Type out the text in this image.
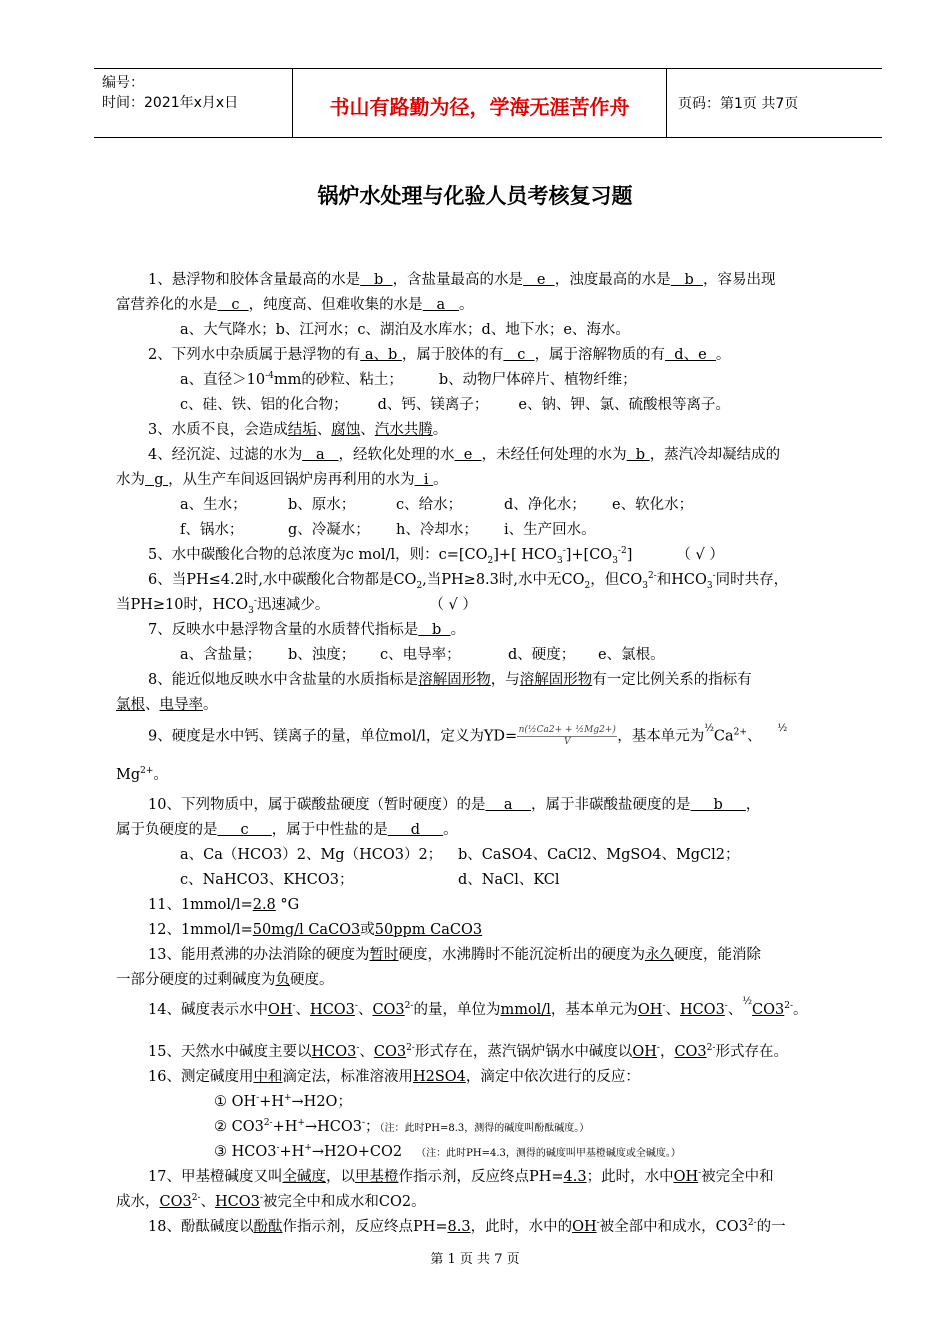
编号：
时间：2021年x月x日	书山有路勤为径，学海无涯苦作舟	页码：第1页 共7页
锅炉水处理与化验人员考核复习题
1、悬浮物和胶体含量最高的水是   b  ，含盐量最高的水是   e  ，浊度最高的水是   b  ，容易出现
富营养化的水是   c  ，纯度高、但难收集的水是   a   。
a、大气降水；b、江河水；c、湖泊及水库水；d、地下水；e、海水。
2、下列水中杂质属于悬浮物的有 a、b ，属于胶体的有   c  ，属于溶解物质的有  d、e  。
a、直径$>10^{-4}mm$的砂粒、粘土； b、动物尸体碎片、植物纤维；
c、硅、铁、铝的化合物； d、钙、镁离子； e、钠、钾、氯、硫酸根等离子。
3、水质不良，会造成结垢、腐蚀、汽水共腾。
4、经沉淀、过滤的水为   a   ，经软化处理的水  e  ，未经任何处理的水为  b ，蒸汽冷却凝结成的
水为  g ，从生产车间返回锅炉房再利用的水为  i 。
a、生水；	b、原水；	c、给水；	d、净化水； e、软化水；
f、锅水；	g、冷凝水； h、冷却水； i、生产回水。
5、水中碳酸化合物的总浓度为c mol/l，则：$c=[CO_2]+$[ $HCO_3^-]+[CO_3^{-2}]$	（ √ ）
6、当PH≤4.2时,水中碳酸化合物都是$CO_2$,当PH≥8.3时,水中无$CO_2$，但$CO_3^{2-}$和$HCO_3^-$同时共存，
当PH≥10时，$HCO_3^-$迅速减少。	（ √ ）
7、反映水中悬浮物含量的水质替代指标是   b  。
a、含盐量； b、浊度； c、电导率；	d、硬度； e、氯根。
8、能近似地反映水中含盐量的水质指标是溶解固形物，与溶解固形物有一定比例关系的指标有
氯根、电导率。
9、硬度是水中钙、镁离子的量，单位mol/l，定义为$YD=\frac{\text{n(½Ca2+ + ½Mg2+)}}{V}$ ，基本单元为$^{\frac{1}{2}}Ca^{2+}$、$^{\frac{1}{2}}$
$Mg^{2+}$。
10、下列物质中，属于碳酸盐硬度（暂时硬度）的是    a    ，属于非碳酸盐硬度的是     b     ，
属于负硬度的是     c     ，属于中性盐的是     d     。
a、Ca（HCO3）2、Mg（HCO3）2； b、CaSO4、CaCl2、MgSO4、MgCl2；
c、NaHCO3、KHCO3；	d、NaCl、KCl
11、1mmol/l=2.8 °G
12、1mmol/l=50mg/l CaCO3或50ppm CaCO3
13、能用煮沸的办法消除的硬度为暂时硬度，水沸腾时不能沉淀析出的硬度为永久硬度，能消除
一部分硬度的过剩碱度为负硬度。
14、碱度表示水中OH-、HCO3-、$CO3^{2-}$的量，单位为mmol/l，基本单元为OH-、HCO3-、$^{\frac{1}{2}}CO3^{2-}$。
15、天然水中碱度主要以HCO3-、$CO3^{2-}$形式存在，蒸汽锅炉锅水中碱度以OH-，$CO3^{2-}$形式存在。
16、测定碱度用中和滴定法，标准溶液用H2SO4，滴定中依次进行的反应：
① OH-+H+→H2O；
② $CO3^{2-}+H^+\to HCO3^-$；（注：此时PH=8.3，测得的碱度叫酚酞碱度。）
③ HCO3-+H+→H2O+CO2 （注：此时PH=4.3，测得的碱度叫甲基橙碱度或全碱度。）
17、甲基橙碱度又叫全碱度，以甲基橙作指示剂，反应终点PH=4.3；此时，水中OH-被完全中和
成水，$CO3^{2-}$、HCO3-被完全中和成水和CO2。
18、酚酞碱度以酚酞作指示剂，反应终点PH=8.3，此时，水中的OH-被全部中和成水，$CO3^{2-}$的一
第 1 页 共 7 页
